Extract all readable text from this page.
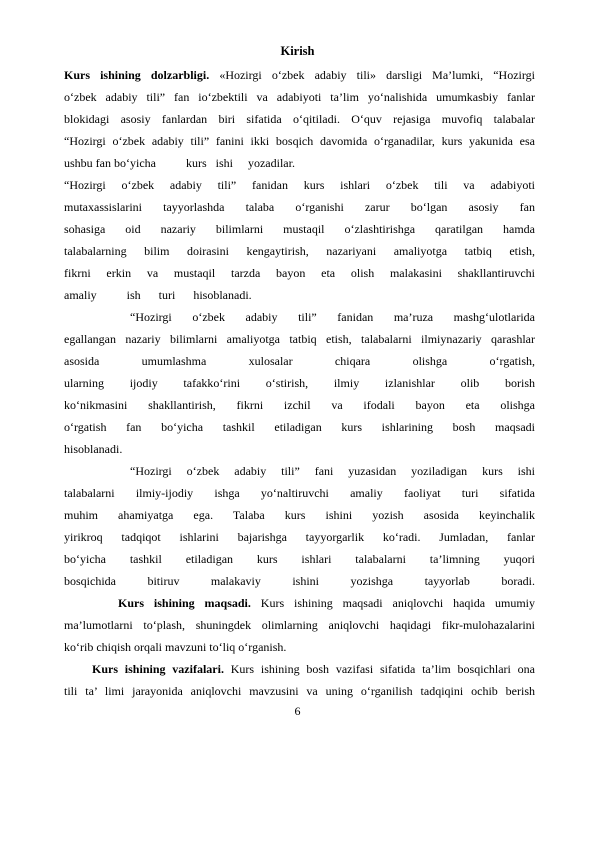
Kirish
Kurs ishining dolzarbligi. «Hozirgi o‘zbek adabiy tili» darsligi Ma’lumki, “Hozirgi
o‘zbek adabiy tili” fan io‘zbektili va adabiyoti ta’lim yo‘nalishida umumkasbiy fanlar
blokidagi asosiy fanlardan biri sifatida o‘qitiladi. O‘quv rejasiga muvofiq talabalar
“Hozirgi o‘zbek adabiy tili” fanini ikki bosqich davomida o‘rganadilar, kurs yakunida esa
ushbu fan bo‘yicha          kurs   ishi     yozadilar.
“Hozirgi o‘zbek adabiy tili” fanidan kurs ishlari o‘zbek tili va adabiyoti
mutaxassislarini tayyorlashda talaba o‘rganishi zarur bo‘lgan asosiy fan
sohasiga oid nazariy bilimlarni mustaqil o‘zlashtirishga qaratilgan hamda
talabalarning bilim doirasini kengaytirish, nazariyani amaliyotga tatbiq etish,
fikrni erkin va mustaqil tarzda bayon eta olish malakasini shakllantiruvchi
amaliy          ish      turi      hisoblanadi.
“Hozirgi o‘zbek adabiy tili” fanidan ma’ruza mashg‘ulotlarida
egallangan nazariy bilimlarni amaliyotga tatbiq etish, talabalarni ilmiynazariy qarashlar
asosida umumlashma xulosalar chiqara olishga o‘rgatish,
ularning ijodiy tafakko‘rini o‘stirish, ilmiy izlanishlar olib borish
ko‘nikmasini shakllantirish, fikrni izchil va ifodali bayon eta olishga
o‘rgatish fan bo‘yicha tashkil etiladigan kurs ishlarining bosh maqsadi
hisoblanadi.
“Hozirgi o‘zbek adabiy tili” fani yuzasidan yoziladigan kurs ishi
talabalarni ilmiy-ijodiy ishga yo‘naltiruvchi amaliy faoliyat turi sifatida
muhim ahamiyatga ega. Talaba kurs ishini yozish asosida keyinchalik
yirikroq tadqiqot ishlarini bajarishga tayyorgarlik ko‘radi. Jumladan, fanlar
bo‘yicha tashkil etiladigan kurs ishlari talabalarni ta’limning yuqori
bosqichida bitiruv malakaviy ishini yozishga tayyorlab boradi.
Kurs ishining maqsadi. Kurs ishining maqsadi aniqlovchi haqida umumiy
ma’lumotlarni to‘plash, shuningdek olimlarning aniqlovchi haqidagi fikr-mulohazalarini
ko‘rib chiqish orqali mavzuni to‘liq o‘rganish.
Kurs ishining vazifalari. Kurs ishining bosh vazifasi sifatida ta’lim bosqichlari ona
tili ta’ limi jarayonida aniqlovchi mavzusini va uning o‘rganilish tadqiqini ochib berish
6
